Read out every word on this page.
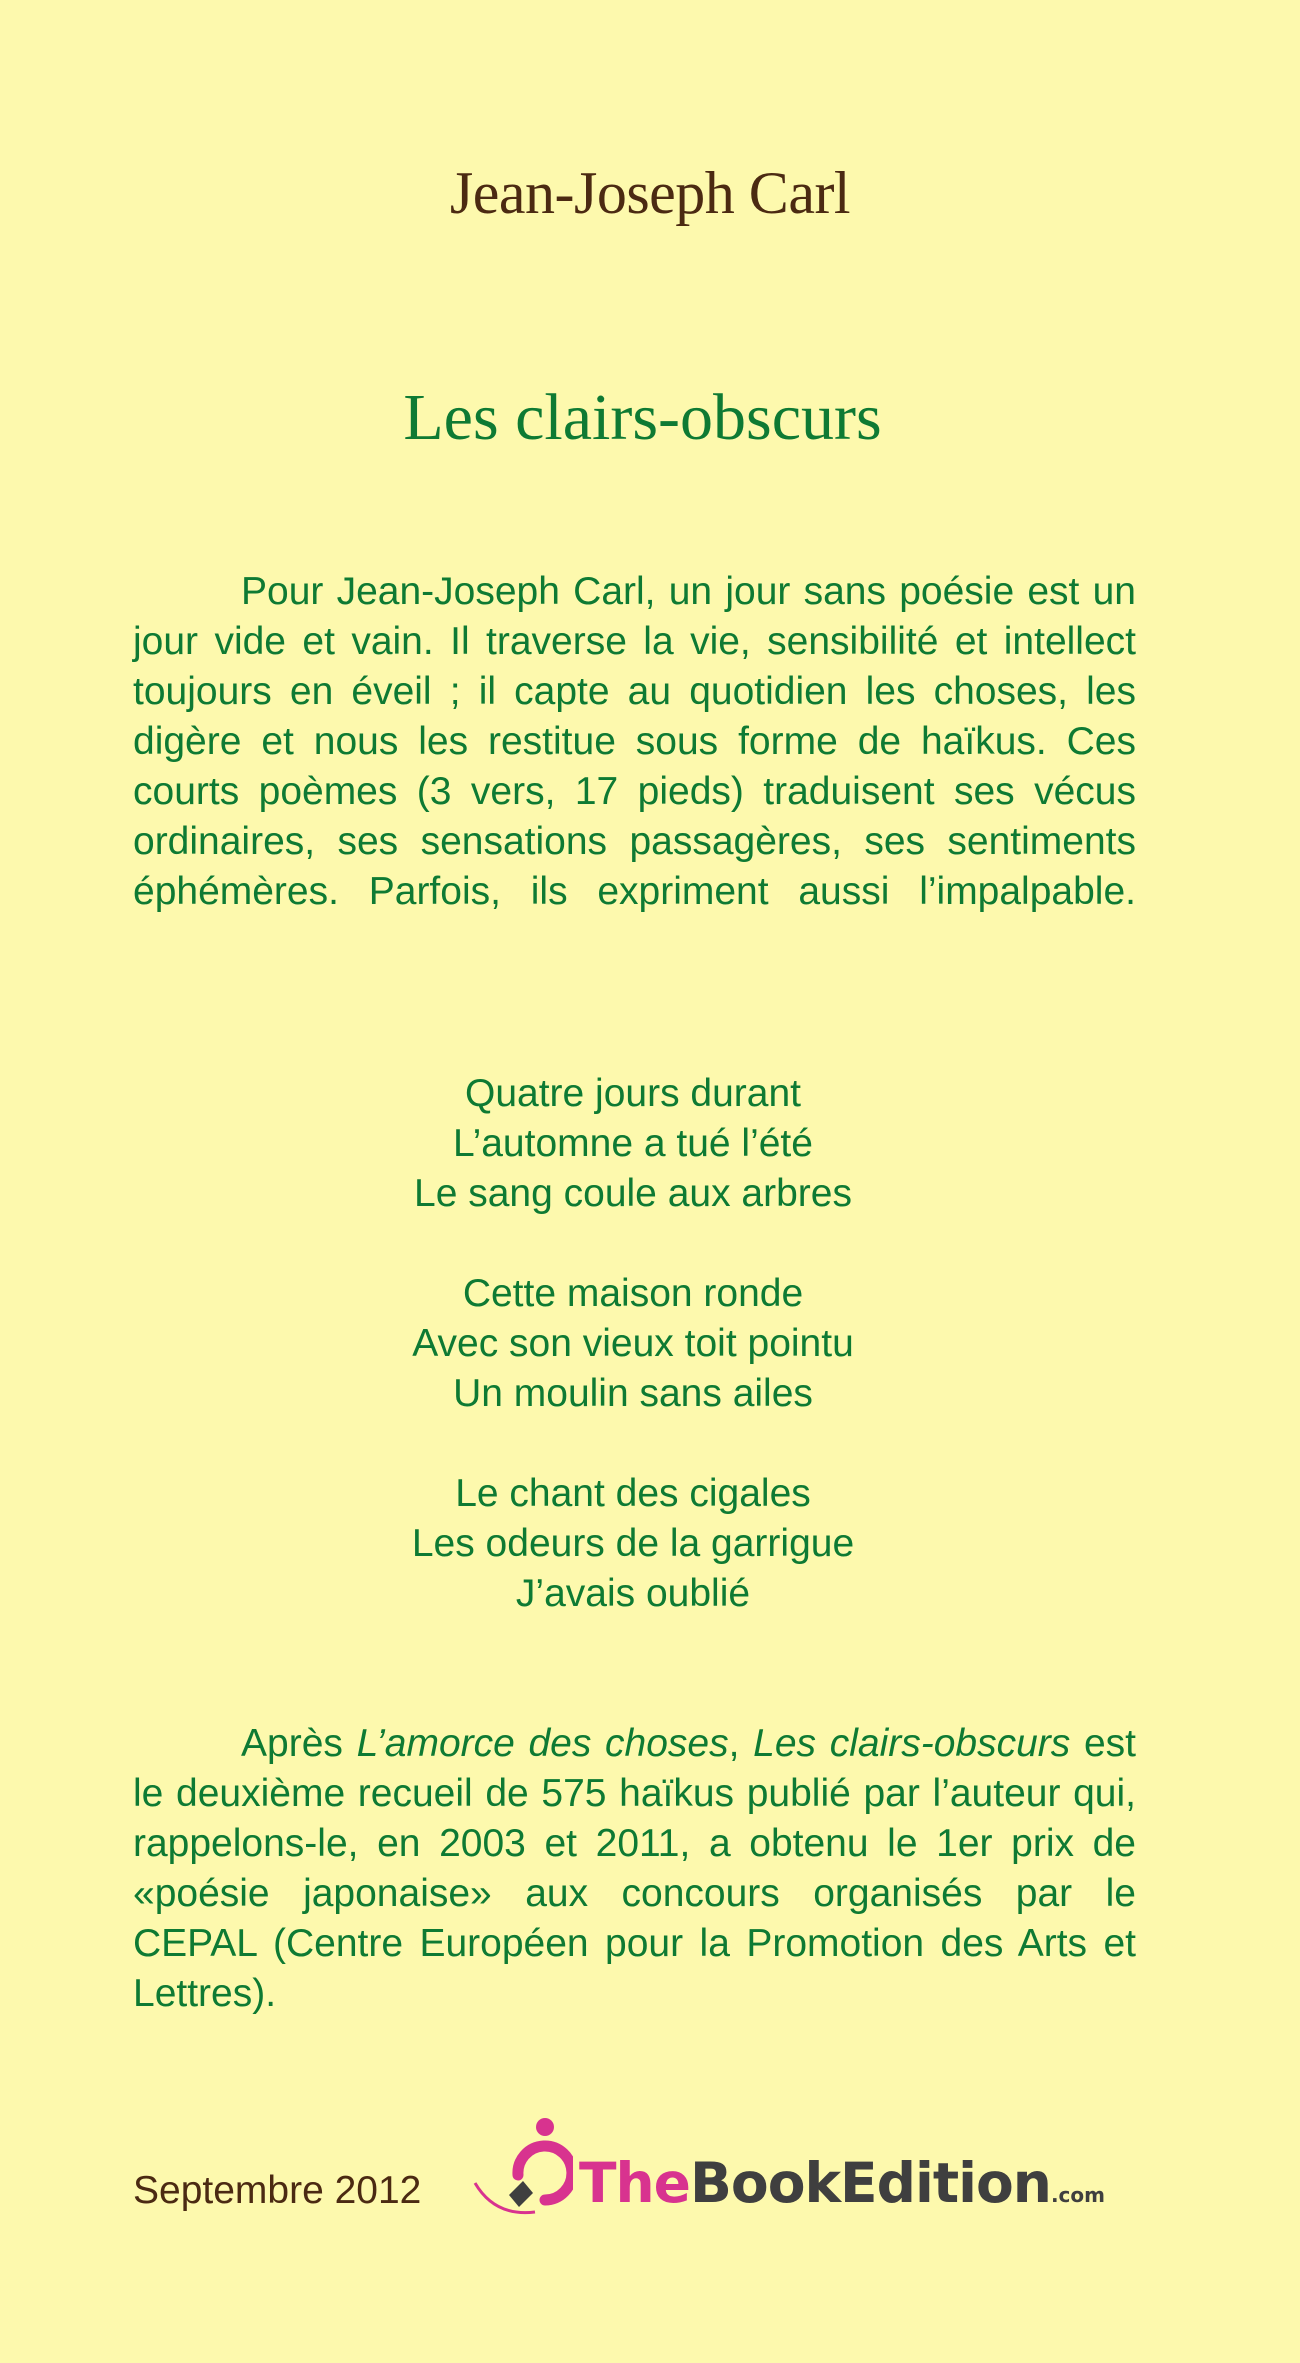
Jean-Joseph Carl
Les clairs-obscurs

Pour Jean-Joseph Carl, un jour sans poésie est un jour vide et vain. Il traverse la vie, sensibilité et intellect toujours en éveil ; il capte au quotidien les choses, les digère et nous les restitue sous forme de haïkus. Ces courts poèmes (3 vers, 17 pieds) traduisent ses vécus ordinaires, ses sensations passagères, ses sentiments éphémères. Parfois, ils expriment aussi l’impalpable.

Quatre jours durant
L’automne a tué l’été
Le sang coule aux arbres
Cette maison ronde
Avec son vieux toit pointu
Un moulin sans ailes
Le chant des cigales
Les odeurs de la garrigue
J’avais oublié

Après L’amorce des choses, Les clairs-obscurs est le deuxième recueil de 575 haïkus publié par l’auteur qui, rappelons-le, en 2003 et 2011, a obtenu le 1er prix de «poésie japonaise» aux concours organisés par le CEPAL (Centre Européen pour la Promotion des Arts et Lettres).

Septembre 2012	TheBookEdition.com
